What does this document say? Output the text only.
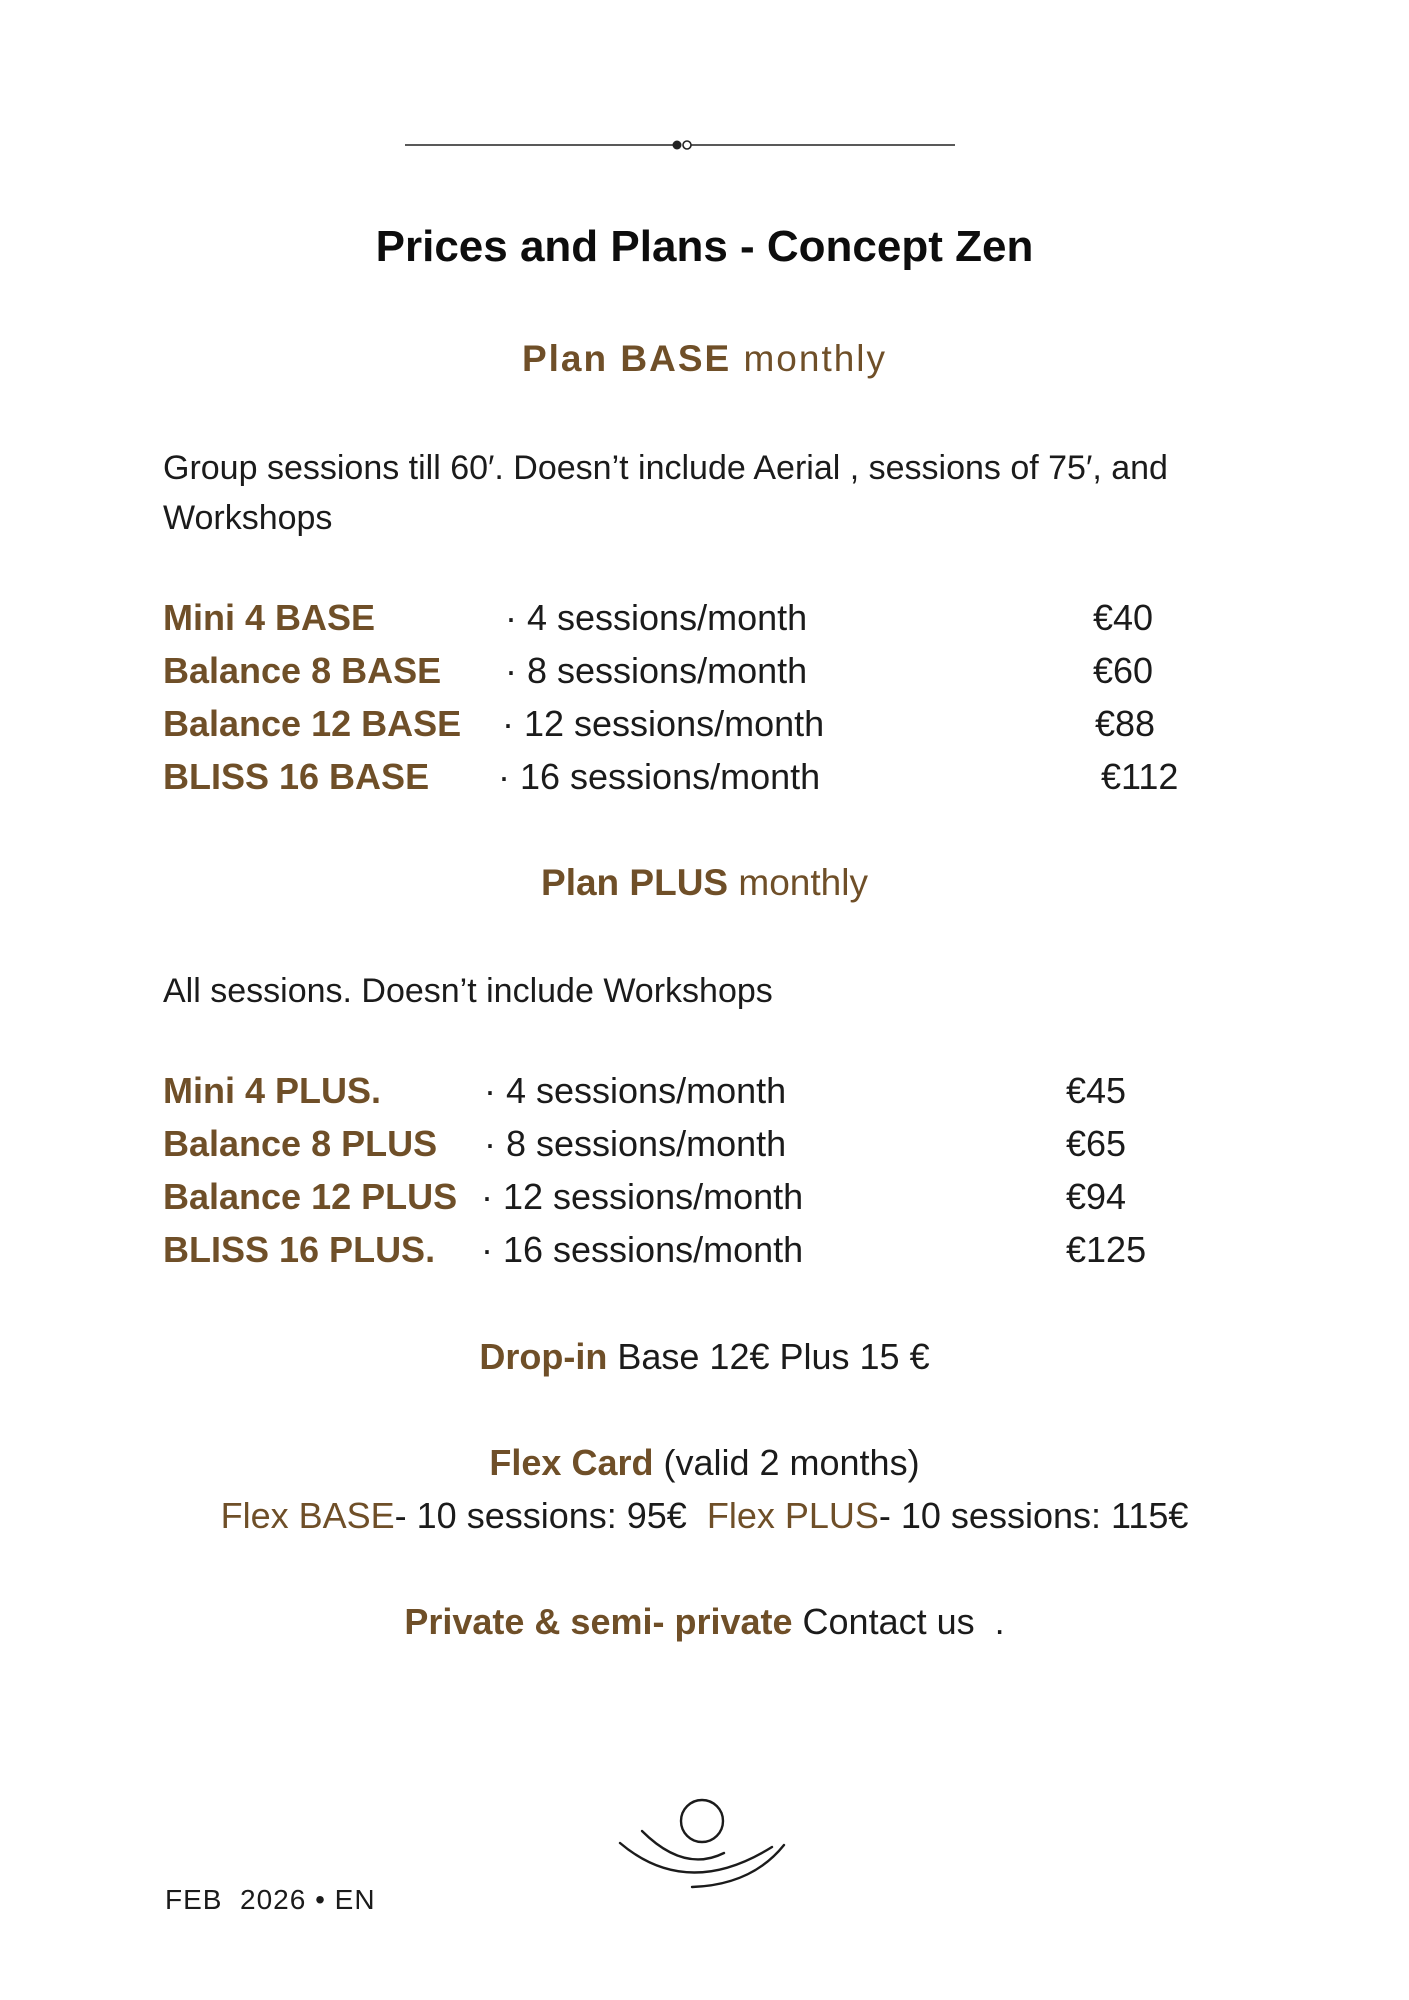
Prices and Plans - Concept Zen
Plan BASE monthly
Group sessions till 60′. Doesn’t include Aerial , sessions of 75′, and Workshops
Mini 4 BASE	· 4 sessions/month	€40
Balance 8 BASE · 8 sessions/month	€60
Balance 12 BASE · 12 sessions/month	€88
BLISS 16 BASE · 16 sessions/month	€112
Plan PLUS monthly
All sessions. Doesn’t include Workshops
Mini 4 PLUS.	· 4 sessions/month	€45
Balance 8 PLUS · 8 sessions/month	€65
Balance 12 PLUS · 12 sessions/month	€94
BLISS 16 PLUS. · 16 sessions/month	€125
Drop-in Base 12€ Plus 15 €
Flex Card (valid 2 months)
Flex BASE- 10 sessions: 95€  Flex PLUS- 10 sessions: 115€
Private & semi- private Contact us  .
FEB  2026 • EN
